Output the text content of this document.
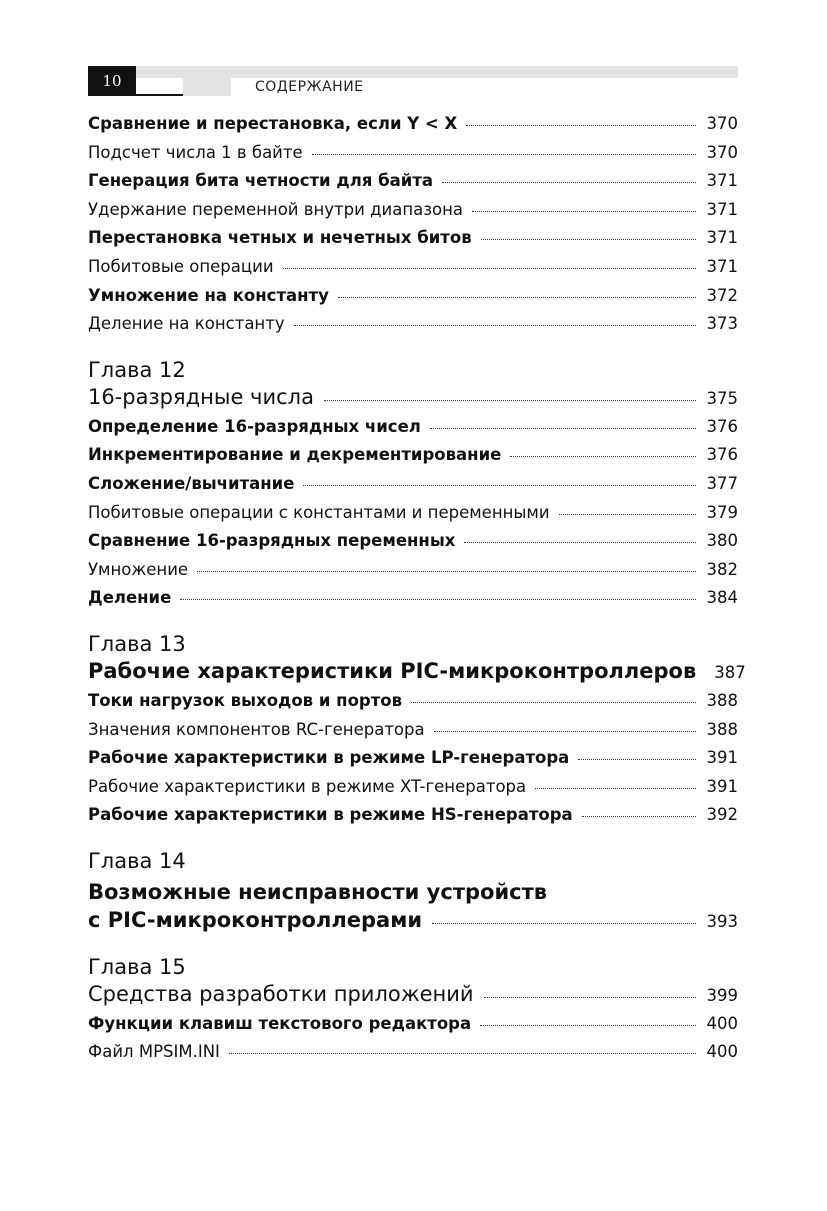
10	СОДЕРЖАНИЕ
Сравнение и перестановка, если Y < X	370
Подсчет числа 1 в байте	370
Генерация бита четности для байта	371
Удержание переменной внутри диапазона	371
Перестановка четных и нечетных битов	371
Побитовые операции	371
Умножение на константу	372
Деление на константу	373
Глава 12
16-разрядные числа	375
Определение 16-разрядных чисел	376
Инкрементирование и декрементирование	376
Сложение/вычитание	377
Побитовые операции с константами и переменными	379
Сравнение 16-разрядных переменных	380
Умножение	382
Деление	384
Глава 13
Рабочие характеристики PIC-микроконтроллеров 387
Токи нагрузок выходов и портов	388
Значения компонентов RC-генератора	388
Рабочие характеристики в режиме LP-генератора	391
Рабочие характеристики в режиме XT-генератора	391
Рабочие характеристики в режиме HS-генератора	392
Глава 14
Возможные неисправности устройств
с PIC-микроконтроллерами	393
Глава 15
Средства разработки приложений	399
Функции клавиш текстового редактора	400
Файл MPSIM.INI	400
